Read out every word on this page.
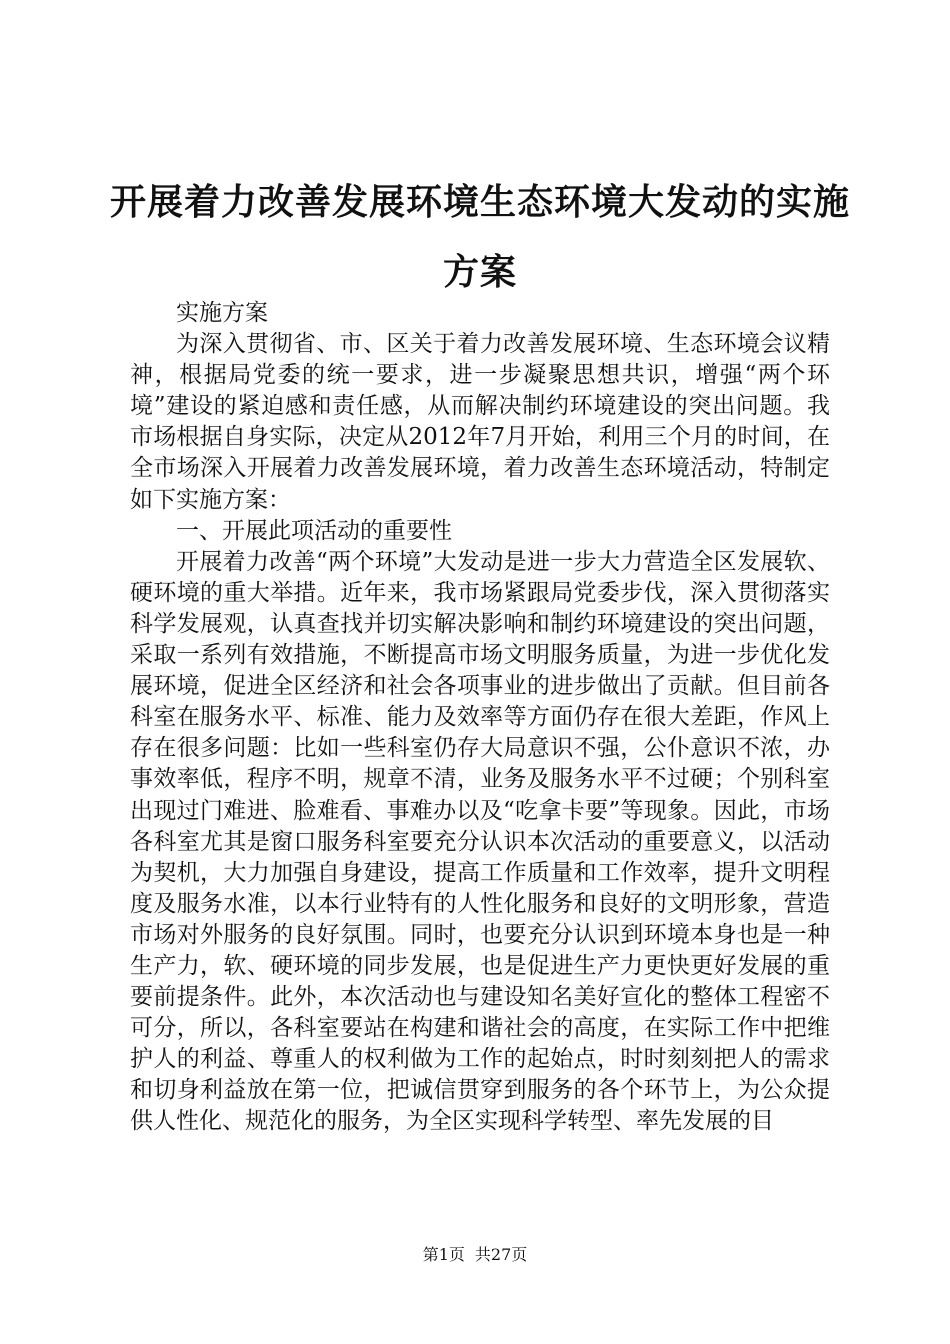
开展着力改善发展环境生态环境大发动的实施方案

实施方案

为深入贯彻省、市、区关于着力改善发展环境、生态环境会议精神，根据局党委的统一要求，进一步凝聚思想共识，增强“两个环境”建设的紧迫感和责任感，从而解决制约环境建设的突出问题。我市场根据自身实际，决定从2012年7月开始，利用三个月的时间，在全市场深入开展着力改善发展环境，着力改善生态环境活动，特制定如下实施方案：

一、开展此项活动的重要性

开展着力改善“两个环境”大发动是进一步大力营造全区发展软、硬环境的重大举措。近年来，我市场紧跟局党委步伐，深入贯彻落实科学发展观，认真查找并切实解决影响和制约环境建设的突出问题，采取一系列有效措施，不断提高市场文明服务质量，为进一步优化发展环境，促进全区经济和社会各项事业的进步做出了贡献。但目前各科室在服务水平、标准、能力及效率等方面仍存在很大差距，作风上存在很多问题：比如一些科室仍存大局意识不强，公仆意识不浓，办事效率低，程序不明，规章不清，业务及服务水平不过硬；个别科室出现过门难进、脸难看、事难办以及“吃拿卡要”等现象。因此，市场各科室尤其是窗口服务科室要充分认识本次活动的重要意义，以活动为契机，大力加强自身建设，提高工作质量和工作效率，提升文明程度及服务水准，以本行业特有的人性化服务和良好的文明形象，营造市场对外服务的良好氛围。同时，也要充分认识到环境本身也是一种生产力，软、硬环境的同步发展，也是促进生产力更快更好发展的重要前提条件。此外，本次活动也与建设知名美好宣化的整体工程密不可分，所以，各科室要站在构建和谐社会的高度，在实际工作中把维护人的利益、尊重人的权利做为工作的起始点，时时刻刻把人的需求和切身利益放在第一位，把诚信贯穿到服务的各个环节上，为公众提供人性化、规范化的服务，为全区实现科学转型、率先发展的目

第1页 共27页
